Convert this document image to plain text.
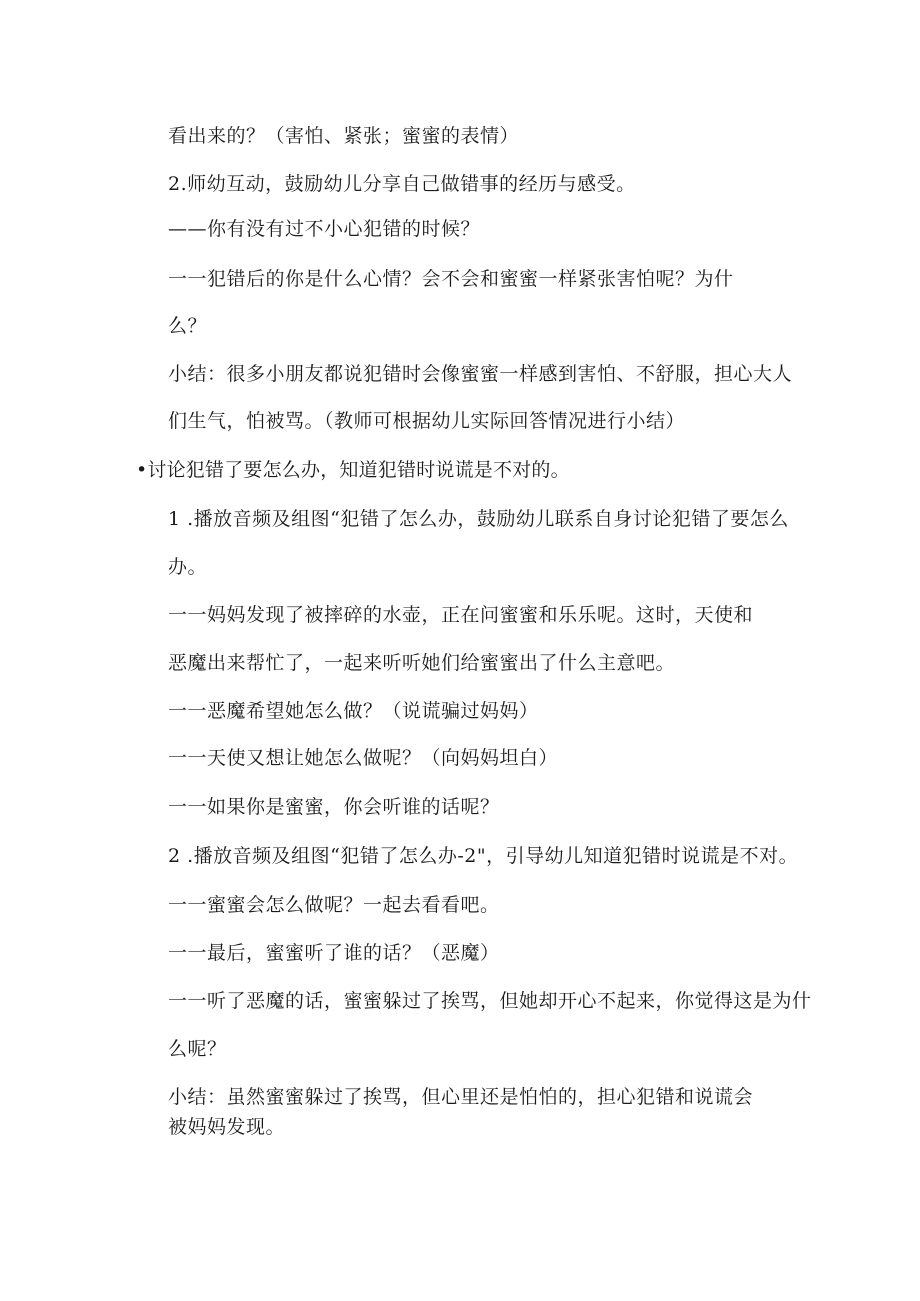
看出来的？（害怕、紧张；蜜蜜的表情）
2.师幼互动，鼓励幼儿分享自己做错事的经历与感受。
——你有没有过不小心犯错的时候？
一一犯错后的你是什么心情？会不会和蜜蜜一样紧张害怕呢？为什
么？
小结：很多小朋友都说犯错时会像蜜蜜一样感到害怕、不舒服，担心大人
们生气，怕被骂。（教师可根据幼儿实际回答情况进行小结）
•讨论犯错了要怎么办，知道犯错时说谎是不对的。
1 .播放音频及组图“犯错了怎么办，鼓励幼儿联系自身讨论犯错了要怎么
办。
一一妈妈发现了被摔碎的水壶，正在问蜜蜜和乐乐呢。这时，天使和
恶魔出来帮忙了，一起来听听她们给蜜蜜出了什么主意吧。
一一恶魔希望她怎么做？（说谎骗过妈妈）
一一天使又想让她怎么做呢？（向妈妈坦白）
一一如果你是蜜蜜，你会听谁的话呢？
2 .播放音频及组图“犯错了怎么办-2"，引导幼儿知道犯错时说谎是不对。
一一蜜蜜会怎么做呢？一起去看看吧。
一一最后，蜜蜜听了谁的话？（恶魔）
一一听了恶魔的话，蜜蜜躲过了挨骂，但她却开心不起来，你觉得这是为什
么呢？
小结：虽然蜜蜜躲过了挨骂，但心里还是怕怕的，担心犯错和说谎会
被妈妈发现。
